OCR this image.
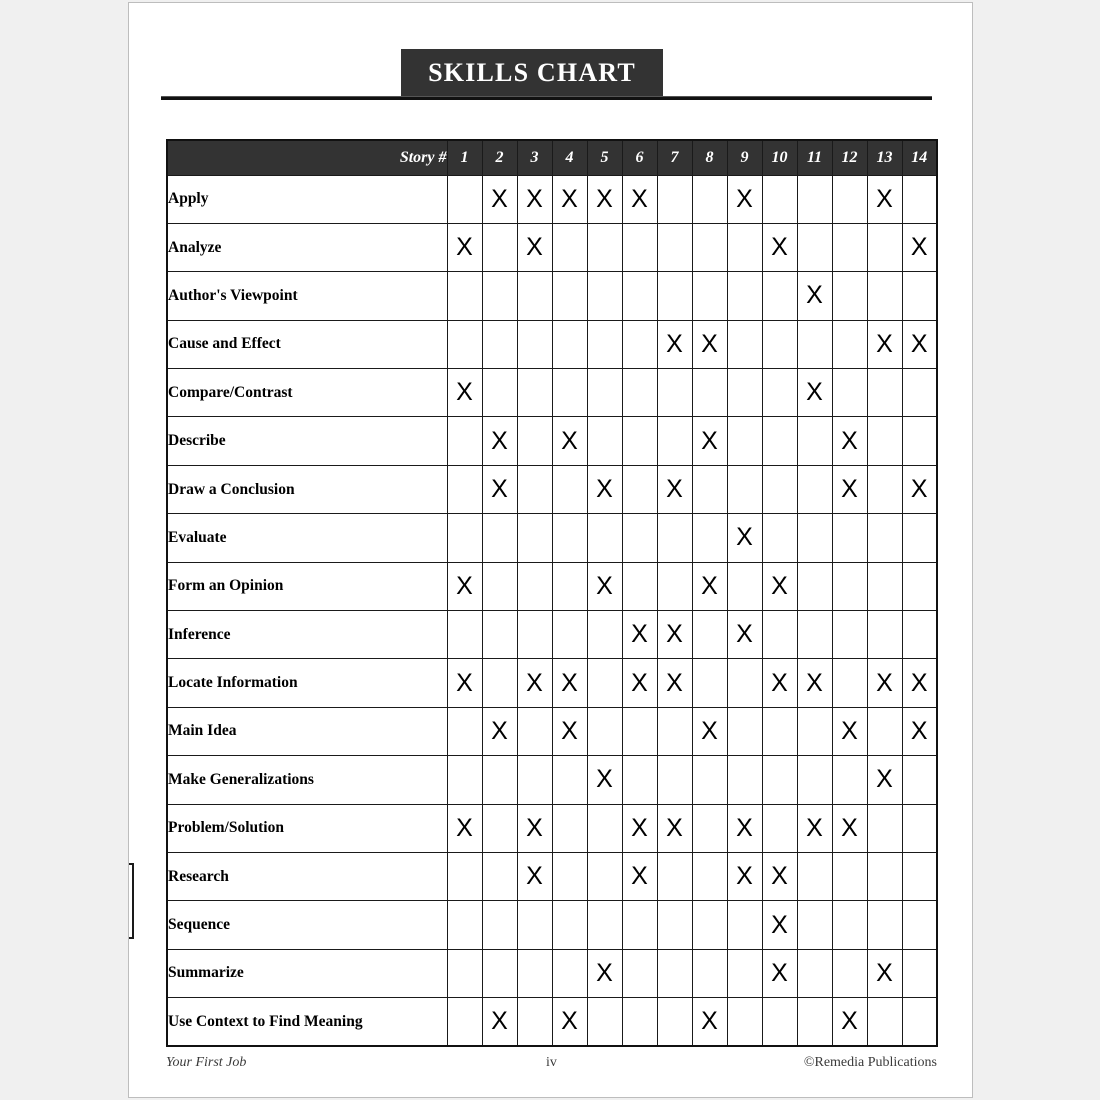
SKILLS CHART
Story #	1	2	3	4	5	6	7	8	9	10	11	12	13	14
Apply		X	X	X	X	X			X				X	
Analyze	X		X							X				X
Author's Viewpoint											X			
Cause and Effect							X	X					X	X
Compare/Contrast	X										X			
Describe		X		X				X				X		
Draw a Conclusion		X			X		X					X		X
Evaluate									X					
Form an Opinion	X				X			X		X				
Inference						X	X		X					
Locate Information	X		X	X		X	X			X	X		X	X
Main Idea		X		X				X				X		X
Make Generalizations					X								X	
Problem/Solution	X		X			X	X		X		X	X		
Research			X			X			X	X				
Sequence										X				
Summarize					X					X			X	
Use Context to Find Meaning		X		X				X				X		
Your First Job	iv	©Remedia Publications
